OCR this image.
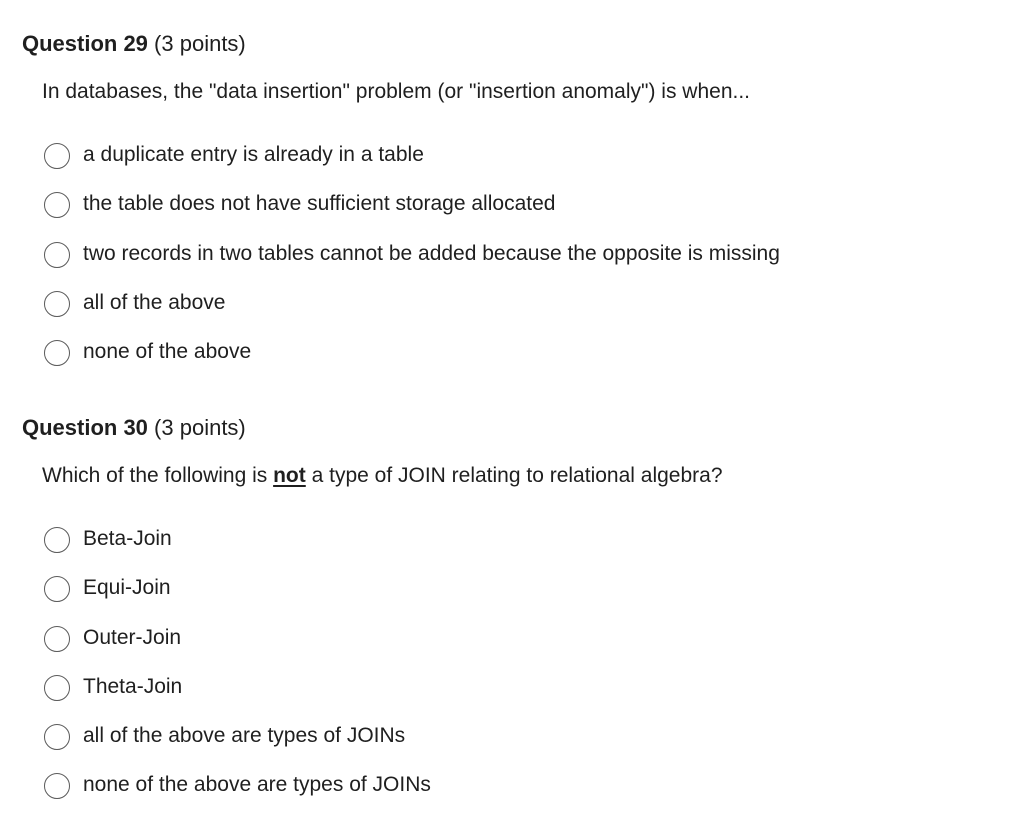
Question 29 (3 points)
In databases, the "data insertion" problem (or "insertion anomaly") is when...
a duplicate entry is already in a table
the table does not have sufficient storage allocated
two records in two tables cannot be added because the opposite is missing
all of the above
none of the above
Question 30 (3 points)
Which of the following is not a type of JOIN relating to relational algebra?
Beta-Join
Equi-Join
Outer-Join
Theta-Join
all of the above are types of JOINs
none of the above are types of JOINs
